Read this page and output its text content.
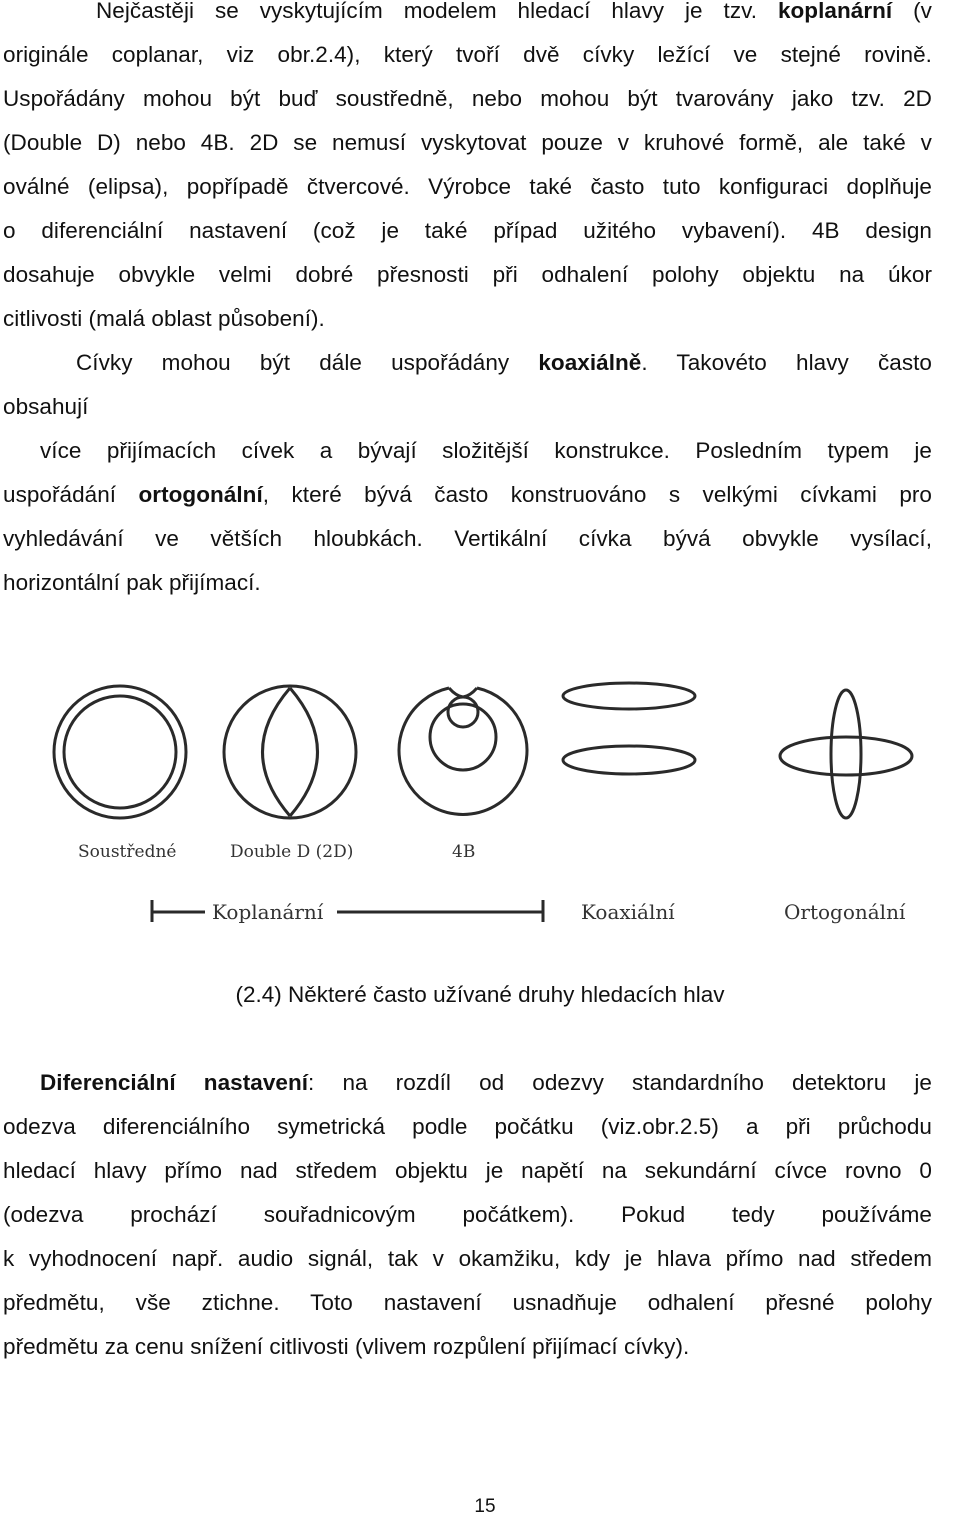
Nejčastěji se vyskytujícím modelem hledací hlavy je tzv. koplanární (v
originále coplanar, viz obr.2.4), který tvoří dvě cívky ležící ve stejné rovině.
Uspořádány mohou být buď soustředně, nebo mohou být tvarovány jako tzv. 2D
(Double D) nebo 4B. 2D se nemusí vyskytovat pouze v kruhové formě, ale také v
oválné (elipsa), popřípadě čtvercové. Výrobce také často tuto konfiguraci doplňuje
o diferenciální nastavení (což je také případ užitého vybavení). 4B design
dosahuje obvykle velmi dobré přesnosti při odhalení polohy objektu na úkor
citlivosti (malá oblast působení).
Cívky mohou být dále uspořádány koaxiálně. Takovéto hlavy často
obsahují
více přijímacích cívek a bývají složitější konstrukce. Posledním typem je
uspořádání ortogonální, které bývá často konstruováno s velkými cívkami pro
vyhledávání ve větších hloubkách. Vertikální cívka bývá obvykle vysílací,
horizontální pak přijímací.
Soustředné	Double D (2D)	4B
Koplanární	Koaxiální	Ortogonální
(2.4) Některé často užívané druhy hledacích hlav
Diferenciální nastavení: na rozdíl od odezvy standardního detektoru je
odezva diferenciálního symetrická podle počátku (viz.obr.2.5) a při průchodu
hledací hlavy přímo nad středem objektu je napětí na sekundární cívce rovno 0
(odezva prochází souřadnicovým počátkem). Pokud tedy používáme
k vyhodnocení např. audio signál, tak v okamžiku, kdy je hlava přímo nad středem
předmětu, vše ztichne. Toto nastavení usnadňuje odhalení přesné polohy
předmětu za cenu snížení citlivosti (vlivem rozpůlení přijímací cívky).
15
